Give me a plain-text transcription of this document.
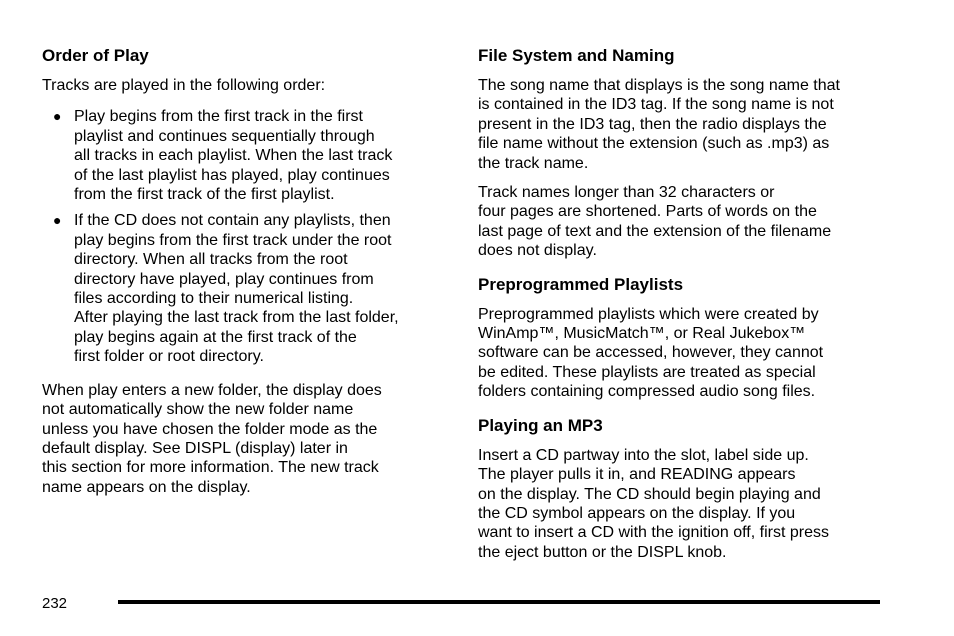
Order of Play

Tracks are played in the following order:

● Play begins from the first track in the first
playlist and continues sequentially through
all tracks in each playlist. When the last track
of the last playlist has played, play continues
from the first track of the first playlist.
● If the CD does not contain any playlists, then
play begins from the first track under the root
directory. When all tracks from the root
directory have played, play continues from
files according to their numerical listing.
After playing the last track from the last folder,
play begins again at the first track of the
first folder or root directory.

When play enters a new folder, the display does
not automatically show the new folder name
unless you have chosen the folder mode as the
default display. See DISPL (display) later in
this section for more information. The new track
name appears on the display.

File System and Naming

The song name that displays is the song name that
is contained in the ID3 tag. If the song name is not
present in the ID3 tag, then the radio displays the
file name without the extension (such as .mp3) as
the track name.

Track names longer than 32 characters or
four pages are shortened. Parts of words on the
last page of text and the extension of the filename
does not display.

Preprogrammed Playlists

Preprogrammed playlists which were created by
WinAmp™, MusicMatch™, or Real Jukebox™
software can be accessed, however, they cannot
be edited. These playlists are treated as special
folders containing compressed audio song files.

Playing an MP3

Insert a CD partway into the slot, label side up.
The player pulls it in, and READING appears
on the display. The CD should begin playing and
the CD symbol appears on the display. If you
want to insert a CD with the ignition off, first press
the eject button or the DISPL knob.

232
